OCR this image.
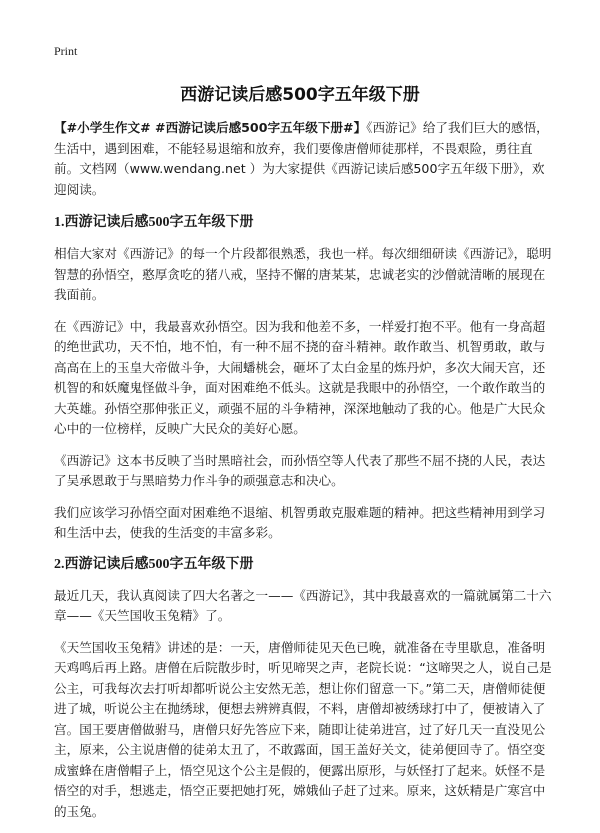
Print
西游记读后感500字五年级下册

【#小学生作文# #西游记读后感500字五年级下册#】《西游记》给了我们巨大的感悟，生活中，遇到困难，不能轻易退缩和放弃，我们要像唐僧师徒那样，不畏艰险，勇往直前。文档网（www.wendang.net ）为大家提供《西游记读后感500字五年级下册》，欢迎阅读。

1.西游记读后感500字五年级下册

相信大家对《西游记》的每一个片段都很熟悉，我也一样。每次细细研读《西游记》，聪明智慧的孙悟空，憨厚贪吃的猪八戒，坚持不懈的唐某某，忠诚老实的沙僧就清晰的展现在我面前。

在《西游记》中，我最喜欢孙悟空。因为我和他差不多，一样爱打抱不平。他有一身高超的绝世武功，天不怕，地不怕，有一种不屈不挠的奋斗精神。敢作敢当、机智勇敢，敢与高高在上的玉皇大帝做斗争，大闹蟠桃会，砸坏了太白金星的炼丹炉，多次大闹天宫，还机智的和妖魔鬼怪做斗争，面对困难绝不低头。这就是我眼中的孙悟空，一个敢作敢当的大英雄。孙悟空那伸张正义，顽强不屈的斗争精神，深深地触动了我的心。他是广大民众心中的一位榜样，反映广大民众的美好心愿。

《西游记》这本书反映了当时黑暗社会，而孙悟空等人代表了那些不屈不挠的人民，表达了吴承恩敢于与黑暗势力作斗争的顽强意志和决心。

我们应该学习孙悟空面对困难绝不退缩、机智勇敢克服难题的精神。把这些精神用到学习和生活中去，使我的生活变的丰富多彩。

2.西游记读后感500字五年级下册

最近几天，我认真阅读了四大名著之一——《西游记》，其中我最喜欢的一篇就属第二十六章——《天竺国收玉兔精》了。

《天竺国收玉兔精》讲述的是：一天，唐僧师徒见天色已晚，就准备在寺里歇息，准备明天鸡鸣后再上路。唐僧在后院散步时，听见啼哭之声，老院长说：“这啼哭之人，说自己是公主，可我每次去打听却都听说公主安然无恙，想让你们留意一下。”第二天，唐僧师徒便进了城，听说公主在抛绣球，便想去辨辨真假，不料，唐僧却被绣球打中了，便被请入了宫。国王要唐僧做驸马，唐僧只好先答应下来，随即让徒弟进宫，过了好几天一直没见公主，原来，公主说唐僧的徒弟太丑了，不敢露面，国王盖好关文，徒弟便回寺了。悟空变成蜜蜂在唐僧帽子上，悟空见这个公主是假的，便露出原形，与妖怪打了起来。妖怪不是悟空的对手，想逃走，悟空正要把她打死，嫦娥仙子赶了过来。原来，这妖精是广寒宫中的玉兔。
